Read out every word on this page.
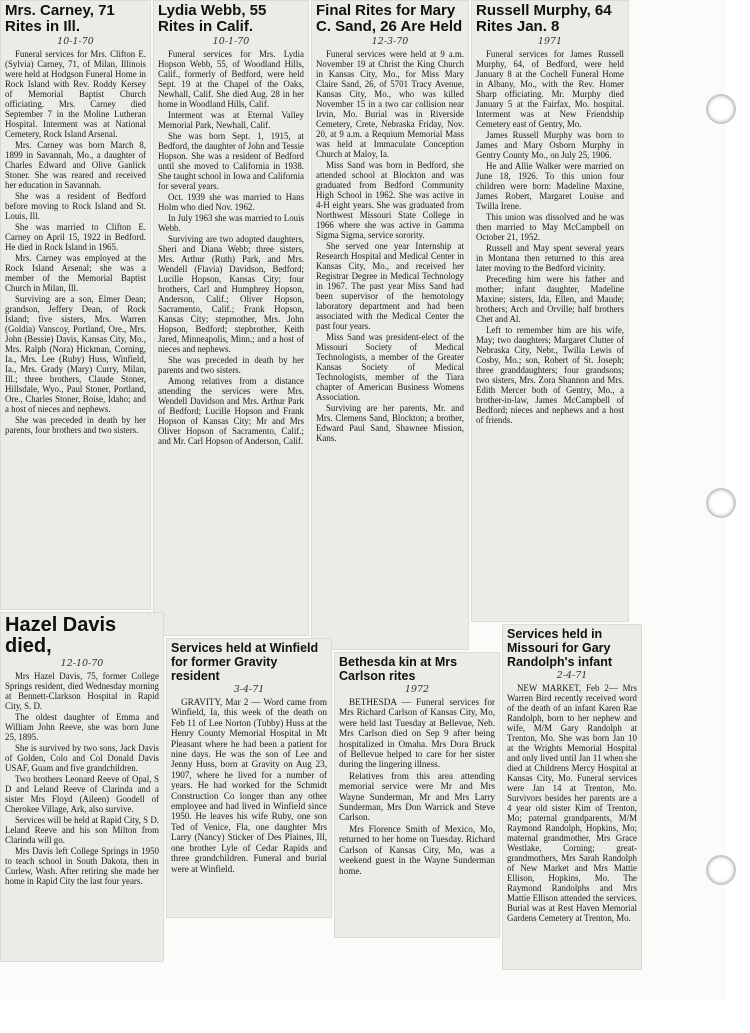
Mrs. Carney, 71 Rites in Ill.
10-1-70

Funeral services for Mrs. Clifton E. (Sylvia) Carney, 71, of Milan, Illinois were held at Hodgson Funeral Home in Rock Island with Rev. Roddy Kersey of Memorial Baptist Church officiating. Mrs. Carney died September 7 in the Moline Lutheran Hospital. Interment was at National Cemetery, Rock Island Arsenal.

Mrs. Carney was born March 8, 1899 in Savannah, Mo., a daughter of Charles Edward and Olive Ganlick Stoner. She was reared and received her education in Savannah.

She was a resident of Bedford before moving to Rock Island and St. Louis, Ill.

She was married to Clifton E. Carney on April 15, 1922 in Bedford. He died in Rock Island in 1965.

Mrs. Carney was employed at the Rock Island Arsenal; she was a member of the Memorial Baptist Church in Milan, Ill.

Surviving are a son, Elmer Dean; grandson, Jeffery Dean, of Rock Island; five sisters, Mrs. Warren (Goldia) Vanscoy, Portland, Ore., Mrs. John (Bessie) Davis, Kansas City, Mo., Mrs. Ralph (Nora) Hickman, Corning, Ia., Mrs. Lee (Ruby) Huss, Winfield, Ia., Mrs. Grady (Mary) Curry, Milan, Ill.; three brothers, Claude Stoner, Hillsdale, Wyo., Paul Stoner, Portland, Ore., Charles Stoner, Boise, Idaho; and a host of nieces and nephews.

She was preceded in death by her parents, four brothers and two sisters.

Lydia Webb, 55 Rites in Calif.
10-1-70

Funeral services for Mrs. Lydia Hopson Webb, 55, of Woodland Hills, Calif., formerly of Bedford, were held Sept. 19 at the Chapel of the Oaks, Newhall, Calif. She died Aug. 28 in her home in Woodland Hills, Calif.

Interment was at Eternal Valley Memorial Park, Newhall, Calif.

She was born Sept. 1, 1915, at Bedford, the daughter of John and Tessie Hopson. She was a resident of Bedford until she moved to California in 1938. She taught school in Iowa and California for several years.

Oct. 1939 she was married to Hans Holm who died Nov. 1962.

In July 1963 she was married to Louis Webb.

Surviving are two adopted daughters, Sheri and Diana Webb; three sisters, Mrs. Arthur (Ruth) Park, and Mrs. Wendell (Flavia) Davidson, Bedford; Lucille Hopson, Kansas City; four brothers, Carl and Humphrey Hopson, Anderson, Calif.; Oliver Hopson, Sacramento, Calif.; Frank Hopson, Kansas City; stepmother, Mrs. John Hopson, Bedford; stepbrother, Keith Jared, Minneapolis, Minn.; and a host of nieces and nephews.

She was preceded in death by her parents and two sisters.

Among relatives from a distance attending the services were Mrs. Wendell Davidson and Mrs. Arthur Park of Bedford; Lucille Hopson and Frank Hopson of Kansas City; Mr and Mrs Oliver Hopson of Sacramento, Calif.; and Mr. Carl Hopson of Anderson, Calif.

Final Rites for Mary C. Sand, 26 Are Held
12-3-70

Funeral services were held at 9 a.m. November 19 at Christ the King Church in Kansas City, Mo., for Miss Mary Claire Sand, 26, of 5701 Tracy Avenue, Kansas City, Mo., who was killed November 15 in a two car collision near Irvin, Mo. Burial was in Riverside Cemetery, Crete, Nebraska Friday, Nov. 20, at 9 a.m. a Requium Memorial Mass was held at Immaculate Conception Church at Maloy, Ia.

Miss Sand was born in Bedford, she attended school at Blockton and was graduated from Bedford Community High School in 1962. She was active in 4-H eight years. She was graduated from Northwest Missouri State College in 1966 where she was active in Gamma Sigma Sigma, service sorority.

She served one year Internship at Research Hospital and Medical Center in Kansas City, Mo., and received her Registrar Degree in Medical Technology in 1967. The past year Miss Sand had been supervisor of the hemotology laboratory department and had been associated with the Medical Center the past four years.

Miss Sand was president-elect of the Missouri Society of Medical Technologists, a member of the Greater Kansas Society of Medical Technologists, member of the Tiara chapter of American Business Womens Association.

Surviving are her parents, Mr. and Mrs. Clemens Sand, Blockton; a brother, Edward Paul Sand, Shawnee Mission, Kans.

Russell Murphy, 64 Rites Jan. 8
1971

Funeral services for James Russell Murphy, 64, of Bedford, were held January 8 at the Cochell Funeral Home in Albany, Mo., with the Rev. Homer Sharp officiating. Mr. Murphy died January 5 at the Fairfax, Mo. hospital. Interment was at New Friendship Cemetery east of Gentry, Mo.

James Russell Murphy was born to James and Mary Osborn Murphy in Gentry County Mo., on July 25, 1906.

He and Allie Walker were married on June 18, 1926. To this union four children were born: Madeline Maxine, James Robert, Margaret Louise and Twilla Irene.

This union was dissolved and he was then married to May McCampbell on October 21, 1952.

Russell and May spent several years in Montana then returned to this area later moving to the Bedford vicinity.

Preceding him were his father and mother; infant daughter, Madeline Maxine; sisters, Ida, Ellen, and Maude; brothers; Arch and Orville; half brothers Chet and Al.

Left to remember him are his wife, May; two daughters; Margaret Clutter of Nebraska City, Nebr., Twilla Lewis of Cosby, Mo.; son, Robert of St. Joseph; three granddaughters; four grandsons; two sisters, Mrs. Zora Shannon and Mrs. Edith Mercer both of Gentry, Mo., a brother-in-law, James McCampbell of Bedford; nieces and nephews and a host of friends.

Hazel Davis died,
12-10-70

Mrs Hazel Davis, 75, former College Springs resident, died Wednesday morning at Bennett-Clarkson Hospital in Rapid City, S. D.

The oldest daughter of Emma and William John Reeve, she was born June 25, 1895.

She is survived by two sons, Jack Davis of Golden, Colo and Col Donald Davis USAF, Guam and five grandchildren.

Two brothers Leonard Reeve of Opal, S D and Leland Reeve of Clarinda and a sister Mrs Floyd (Aileen) Goodell of Cherokee Village, Ark, also survive.

Services will be held at Rapid City, S D. Leland Reeve and his son Milton from Clarinda will go.

Mrs Davis left College Springs in 1950 to teach school in South Dakota, then in Curlew, Wash. After retiring she made her home in Rapid City the last four years.

Services held at Winfield for former Gravity resident
3-4-71

GRAVITY, Mar 2 — Word came from Winfield, Ia, this week of the death on Feb 11 of Lee Norton (Tubby) Huss at the Henry County Memorial Hospital in Mt Pleasant where he had been a patient for nine days. He was the son of Lee and Jenny Huss, born at Gravity on Aug 23, 1907, where he lived for a number of years. He had worked for the Schmidt Construction Co longer than any other employee and had lived in Winfield since 1950. He leaves his wife Ruby, one son Ted of Venice, Fla, one daughter Mrs Larry (Nancy) Sticker of Des Plaines, Ill, one brother Lyle of Cedar Rapids and three grandchildren. Funeral and burial were at Winfield.

Bethesda kin at Mrs Carlson rites
1972

BETHESDA — Funeral services for Mrs Richard Carlson of Kansas City, Mo, were held last Tuesday at Bellevue, Neb. Mrs Carlson died on Sep 9 after being hospitalized in Omaha. Mrs Dora Bruck of Bellevue helped to care for her sister during the lingering illness.

Relatives from this area attending memorial service were Mr and Mrs Wayne Sunderman, Mr and Mrs Larry Sunderman, Mrs Don Warrick and Steve Carlson.

Mrs Florence Smith of Mexico, Mo, returned to her home on Tuesday. Richard Carlson of Kansas City, Mo, was a weekend guest in the Wayne Sunderman home.

Services held in Missouri for Gary Randolph's infant
2-4-71

NEW MARKET, Feb 2— Mrs Warren Bird recently received word of the death of an infant Karen Rae Randolph, born to her nephew and wife, M/M Gary Randolph at Trenton, Mo. She was born Jan 10 at the Wrights Memorial Hospital and only lived until Jan 11 when she died at Childrens Mercy Hospital at Kansas City, Mo. Funeral services were Jan 14 at Trenton, Mo. Survivors besides her parents are a 4 year old sister Kim of Trenton, Mo; paternal grandparents, M/M Raymond Randolph, Hopkins, Mo; maternal grandmother, Mrs Grace Westlake, Corning; great-grandmothers, Mrs Sarah Randolph of New Market and Mrs Mattie Ellison, Hopkins, Mo. The Raymond Randolphs and Mrs Mattie Ellison attended the services. Burial was at Rest Haven Memorial Gardens Cemetery at Trenton, Mo.
